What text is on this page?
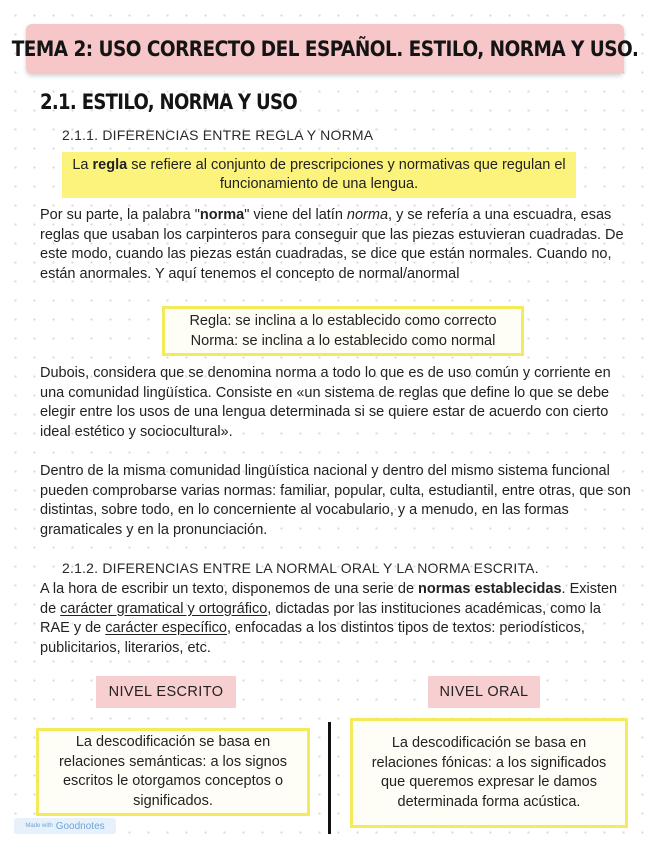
TEMA 2: USO CORRECTO DEL ESPAÑOL. ESTILO, NORMA Y USO.
2.1. ESTILO, NORMA Y USO
2.1.1. DIFERENCIAS ENTRE REGLA Y NORMA
La regla se refiere al conjunto de prescripciones y normativas que regulan el funcionamiento de una lengua.
Por su parte, la palabra "norma" viene del latín norma, y se refería a una escuadra, esas reglas que usaban los carpinteros para conseguir que las piezas estuvieran cuadradas. De este modo, cuando las piezas están cuadradas, se dice que están normales. Cuando no, están anormales. Y aquí tenemos el concepto de normal/anormal
Regla: se inclina a lo establecido como correcto
Norma: se inclina a lo establecido como normal
Dubois, considera que se denomina norma a todo lo que es de uso común y corriente en una comunidad lingüística. Consiste en «un sistema de reglas que define lo que se debe elegir entre los usos de una lengua determinada si se quiere estar de acuerdo con cierto ideal estético y sociocultural».
Dentro de la misma comunidad lingüística nacional y dentro del mismo sistema funcional pueden comprobarse varias normas: familiar, popular, culta, estudiantil, entre otras, que son distintas, sobre todo, en lo concerniente al vocabulario, y a menudo, en las formas gramaticales y en la pronunciación.
2.1.2. DIFERENCIAS ENTRE LA NORMAL ORAL Y LA NORMA ESCRITA.
A la hora de escribir un texto, disponemos de una serie de normas establecidas. Existen de carácter gramatical y ortográfico, dictadas por las instituciones académicas, como la RAE y de carácter específico, enfocadas a los distintos tipos de textos: periodísticos, publicitarios, literarios, etc.
NIVEL ESCRITO	NIVEL ORAL
La descodificación se basa en relaciones semánticas: a los signos escritos le otorgamos conceptos o significados.
La descodificación se basa en relaciones fónicas: a los significados que queremos expresar le damos determinada forma acústica.
Made with Goodnotes
